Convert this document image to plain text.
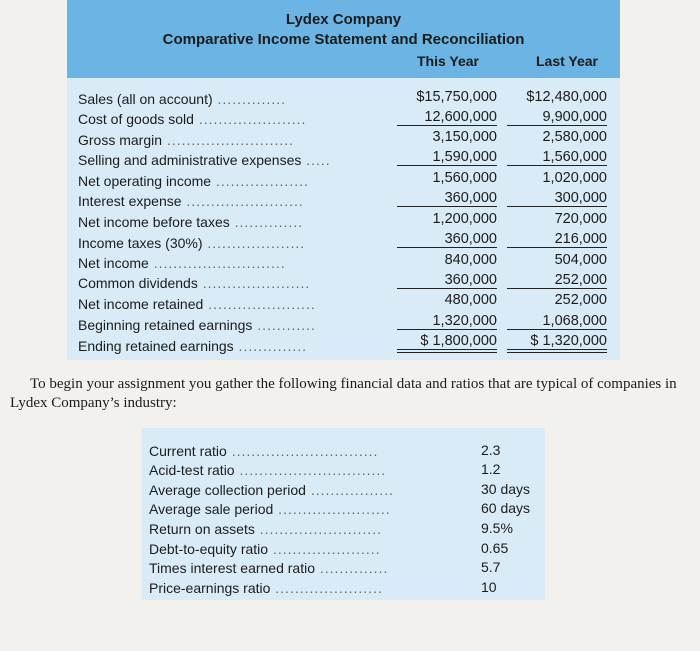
Lydex Company
Comparative Income Statement and Reconciliation
This Year	Last Year
Sales (all on account) ..............	$15,750,000	$12,480,000
Cost of goods sold ......................	12,600,000	9,900,000
Gross margin ..........................	3,150,000	2,580,000
Selling and administrative expenses .....	1,590,000	1,560,000
Net operating income ...................	1,560,000	1,020,000
Interest expense ........................	360,000	300,000
Net income before taxes ..............	1,200,000	720,000
Income taxes (30%) ....................	360,000	216,000
Net income ...........................	840,000	504,000
Common dividends ......................	360,000	252,000
Net income retained ......................	480,000	252,000
Beginning retained earnings ............	1,320,000	1,068,000
Ending retained earnings ..............	$ 1,800,000	$ 1,320,000
To begin your assignment you gather the following financial data and ratios that are typical of companies in Lydex Company’s industry:
Current ratio ..............................	2.3
Acid-test ratio ..............................	1.2
Average collection period .................	30 days
Average sale period .......................	60 days
Return on assets .........................	9.5%
Debt-to-equity ratio ......................	0.65
Times interest earned ratio ..............	5.7
Price-earnings ratio ......................	10
